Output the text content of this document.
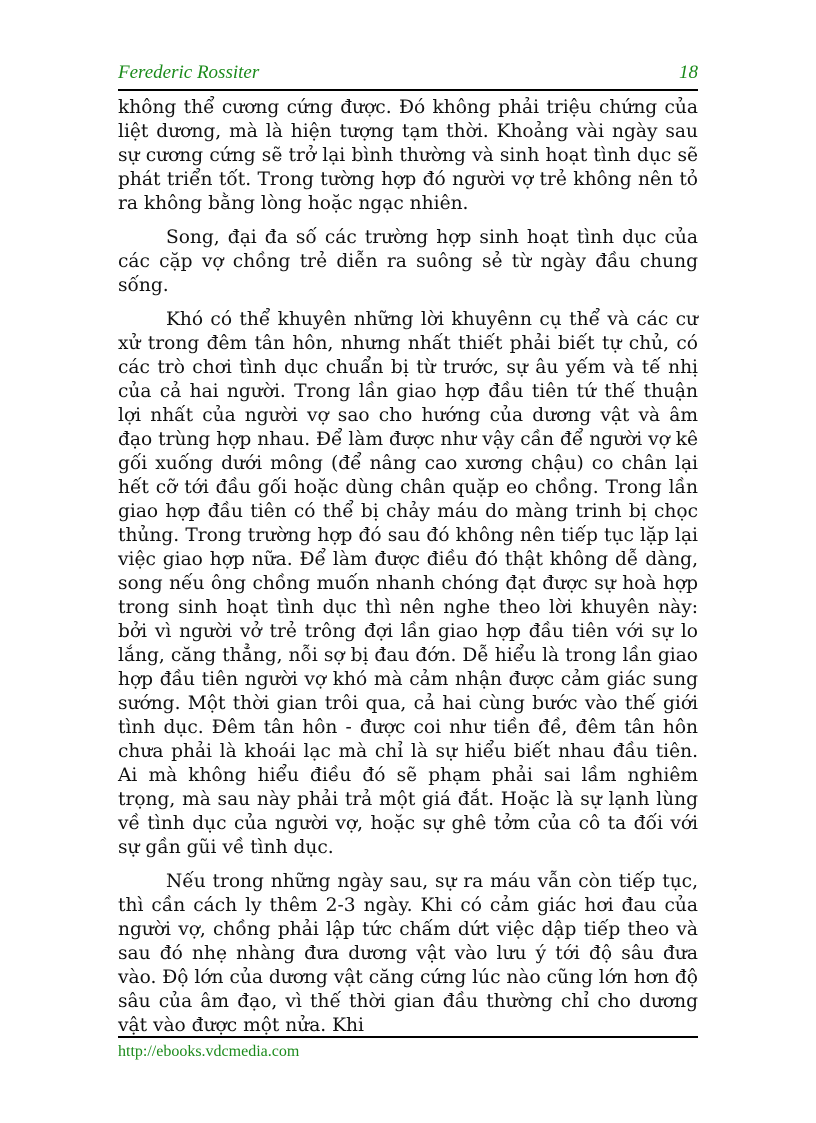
Ferederic Rossiter	18

không thể cương cứng được. Đó không phải triệu chứng của liệt dương, mà là hiện tượng tạm thời. Khoảng vài ngày sau sự cương cứng sẽ trở lại bình thường và sinh hoạt tình dục sẽ phát triển tốt. Trong tường hợp đó người vợ trẻ không nên tỏ ra không bằng lòng hoặc ngạc nhiên.

Song, đại đa số các trường hợp sinh hoạt tình dục của các cặp vợ chồng trẻ diễn ra suông sẻ từ ngày đầu chung sống.

Khó có thể khuyên những lời khuyênn cụ thể và các cư xử trong đêm tân hôn, nhưng nhất thiết phải biết tự chủ, có các trò chơi tình dục chuẩn bị từ trước, sự âu yếm và tế nhị của cả hai người. Trong lần giao hợp đầu tiên tứ thế thuận lợi nhất của người vợ sao cho hướng của dương vật và âm đạo trùng hợp nhau. Để làm được như vậy cần để người vợ kê gối xuống dưới mông (để nâng cao xương chậu) co chân lại hết cỡ tới đầu gối hoặc dùng chân quặp eo chồng. Trong lần giao hợp đầu tiên có thể bị chảy máu do màng trinh bị chọc thủng. Trong trường hợp đó sau đó không nên tiếp tục lặp lại việc giao hợp nữa. Để làm được điều đó thật không dễ dàng, song nếu ông chồng muốn nhanh chóng đạt được sự hoà hợp trong sinh hoạt tình dục thì nên nghe theo lời khuyên này: bởi vì người vở trẻ trông đợi lần giao hợp đầu tiên với sự lo lắng, căng thẳng, nỗi sợ bị đau đớn. Dễ hiểu là trong lần giao hợp đầu tiên người vợ khó mà cảm nhận được cảm giác sung sướng. Một thời gian trôi qua, cả hai cùng bước vào thế giới tình dục. Đêm tân hôn - được coi như tiền đề, đêm tân hôn chưa phải là khoái lạc mà chỉ là sự hiểu biết nhau đầu tiên. Ai mà không hiểu điều đó sẽ phạm phải sai lầm nghiêm trọng, mà sau này phải trả một giá đắt. Hoặc là sự lạnh lùng về tình dục của người vợ, hoặc sự ghê tởm của cô ta đối với sự gần gũi về tình dục.

Nếu trong những ngày sau, sự ra máu vẫn còn tiếp tục, thì cần cách ly thêm 2-3 ngày. Khi có cảm giác hơi đau của người vợ, chồng phải lập tức chấm dứt việc dập tiếp theo và sau đó nhẹ nhàng đưa dương vật vào lưu ý tới độ sâu đưa vào. Độ lớn của dương vật căng cứng lúc nào cũng lớn hơn độ sâu của âm đạo, vì thế thời gian đầu thường chỉ cho dương vật vào được một nửa. Khi

http://ebooks.vdcmedia.com
